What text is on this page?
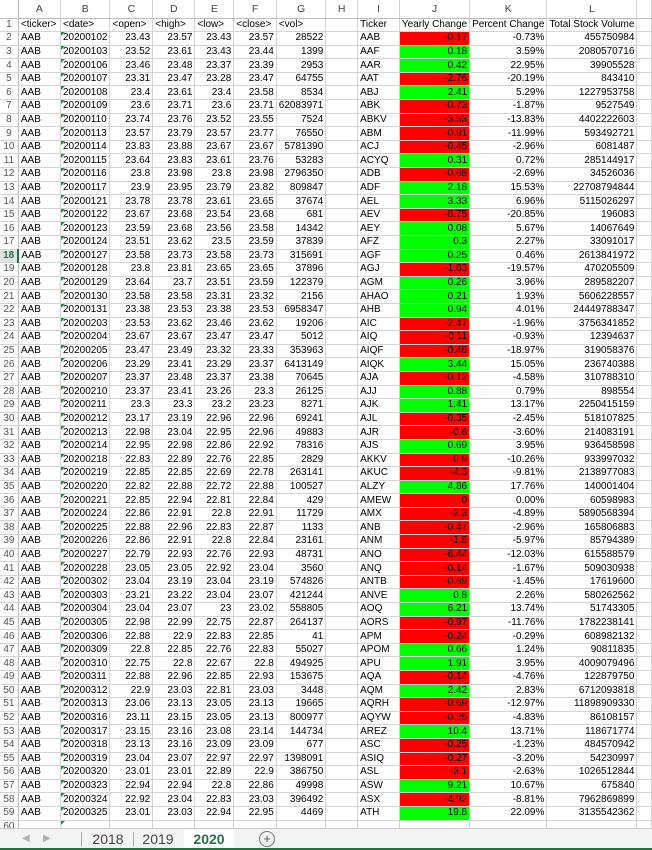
	A	B	C	D	E	F	G	H	I	J	K	L	
1	<ticker>	<date>	<open>	<high>	<low>	<close>	<vol>		Ticker	Yearly Change	Percent Change	Total Stock Volume	
2	AAB	20200102	23.43	23.57	23.43	23.57	28522		AAB	-0.17	-0.73%	455750984	
3	AAB	20200103	23.52	23.61	23.43	23.44	1399		AAF	0.18	3.59%	2080570716	
4	AAB	20200106	23.46	23.48	23.37	23.39	2953		AAR	0.42	22.95%	39905528	
5	AAB	20200107	23.31	23.47	23.28	23.47	64755		AAT	-2.76	-20.19%	843410	
6	AAB	20200108	23.4	23.61	23.4	23.58	8534		ABJ	2.41	5.29%	1227953758	
7	AAB	20200109	23.6	23.71	23.6	23.71	62083971		ABK	-0.73	-1.87%	9527549	
8	AAB	20200110	23.74	23.76	23.52	23.55	7524		ABKV	-3.53	-13.83%	4402222603	
9	AAB	20200113	23.57	23.79	23.57	23.77	76550		ABM	-0.91	-11.99%	593492721	
10	AAB	20200114	23.83	23.88	23.67	23.67	5781390		ACJ	-0.45	-2.96%	6081487	
11	AAB	20200115	23.64	23.83	23.61	23.76	53283		ACYQ	0.31	0.72%	285144917	
12	AAB	20200116	23.8	23.98	23.8	23.98	2796350		ADB	-0.68	-2.69%	34526036	
13	AAB	20200117	23.9	23.95	23.79	23.82	809847		ADF	2.18	15.53%	22708794844	
14	AAB	20200121	23.78	23.78	23.61	23.65	37674		AEL	3.33	6.96%	5115026297	
15	AAB	20200122	23.67	23.68	23.54	23.68	681		AEV	-8.75	-20.85%	196083	
16	AAB	20200123	23.59	23.68	23.56	23.58	14342		AEY	0.08	5.67%	14067649	
17	AAB	20200124	23.51	23.62	23.5	23.59	37839		AFZ	0.3	2.27%	33091017	
18	AAB	20200127	23.58	23.73	23.58	23.73	315691		AGF	0.25	0.46%	2613841972	
19	AAB	20200128	23.8	23.81	23.65	23.65	37896		AGJ	-1.83	-19.57%	470205509	
20	AAB	20200129	23.64	23.7	23.51	23.59	122379		AGM	0.26	3.96%	289582207	
21	AAB	20200130	23.58	23.58	23.31	23.32	2156		AHAO	0.21	1.93%	5606228557	
22	AAB	20200131	23.38	23.53	23.38	23.53	6958347		AHB	0.94	4.01%	24449788347	
23	AAB	20200203	23.53	23.62	23.46	23.62	19206		AIC	-2.47	-1.96%	3756341852	
24	AAB	20200204	23.67	23.67	23.47	23.47	5012		AIQ	-0.11	-0.93%	12394637	
25	AAB	20200205	23.47	23.49	23.32	23.33	353963		AIQF	-0.48	-18.97%	319058376	
26	AAB	20200206	23.29	23.41	23.29	23.37	6413149		AIQK	3.44	15.05%	236740388	
27	AAB	20200207	23.37	23.48	23.37	23.38	70645		AJA	-0.12	-4.58%	310788310	
28	AAB	20200210	23.37	23.41	23.26	23.3	26125		AJJ	0.88	0.79%	898554	
29	AAB	20200211	23.3	23.3	23.2	23.23	8271		AJK	1.41	13.17%	2250415159	
30	AAB	20200212	23.17	23.19	22.96	22.96	69241		AJL	-0.35	-2.45%	518107825	
31	AAB	20200213	22.98	23.04	22.95	22.96	49883		AJR	-0.6	-3.60%	214083191	
32	AAB	20200214	22.95	22.98	22.86	22.92	78316		AJS	0.69	3.95%	936458598	
33	AAB	20200218	22.83	22.89	22.76	22.85	2829		AKKV	-0.9	-10.26%	933997032	
34	AAB	20200219	22.85	22.85	22.69	22.78	263141		AKUC	-4.3	-9.81%	2138977083	
35	AAB	20200220	22.82	22.88	22.72	22.88	100527		ALZY	4.86	17.76%	140001404	
36	AAB	20200221	22.85	22.94	22.81	22.84	429		AMEW	0	0.00%	60598983	
37	AAB	20200224	22.86	22.91	22.8	22.91	11729		AMX	-2.3	-4.89%	5890568394	
38	AAB	20200225	22.88	22.96	22.83	22.87	1133		ANB	-0.47	-2.96%	165806883	
39	AAB	20200226	22.86	22.91	22.8	22.84	23161		ANM	-1.8	-5.97%	85794389	
40	AAB	20200227	22.79	22.93	22.76	22.93	48731		ANO	-6.44	-12.03%	615588579	
41	AAB	20200228	23.05	23.05	22.92	23.04	3560		ANQ	-0.14	-1.67%	509030938	
42	AAB	20200302	23.04	23.19	23.04	23.19	574826		ANTB	-0.69	-1.45%	17619600	
43	AAB	20200303	23.21	23.22	23.04	23.07	421244		ANVE	0.8	2.26%	580262562	
44	AAB	20200304	23.04	23.07	23	23.02	558805		AOQ	6.21	13.74%	51743305	
45	AAB	20200305	22.98	22.99	22.75	22.87	264137		AORS	-0.97	-11.76%	1782238141	
46	AAB	20200306	22.88	22.9	22.83	22.85	41		APM	-0.24	-0.29%	608982132	
47	AAB	20200309	22.8	22.85	22.76	22.83	55027		APOM	0.66	1.24%	90811835	
48	AAB	20200310	22.75	22.8	22.67	22.8	494925		APU	1.91	3.95%	4009079496	
49	AAB	20200311	22.88	22.96	22.85	22.93	153675		AQA	-0.14	-4.76%	122879750	
50	AAB	20200312	22.9	23.03	22.81	23.03	3448		AQM	2.42	2.83%	6712093818	
51	AAB	20200313	23.06	23.13	23.05	23.13	19665		AQRH	-0.69	-12.97%	11898909330	
52	AAB	20200316	23.11	23.15	23.05	23.13	800977		AQYW	-0.25	-4.83%	86108157	
53	AAB	20200317	23.15	23.16	23.08	23.14	144734		AREZ	10.4	13.71%	118671774	
54	AAB	20200318	23.13	23.16	23.09	23.09	677		ASC	-0.25	-1.23%	484570942	
55	AAB	20200319	23.04	23.07	22.97	22.97	1398091		ASIQ	-0.27	-3.20%	54230997	
56	AAB	20200320	23.01	23.01	22.89	22.9	386750		ASL	-3.1	-2.63%	1026512844	
57	AAB	20200323	22.94	22.94	22.8	22.86	49998		ASW	9.21	10.67%	675840	
58	AAB	20200324	22.92	23.04	22.83	23.03	396492		ASX	-4.92	-8.81%	7962869899	
59	AAB	20200325	23.01	23.03	22.94	22.95	4469		ATH	19.8	22.09%	3135542362	
60													
◀ ▶	2018	2019	2020	+
